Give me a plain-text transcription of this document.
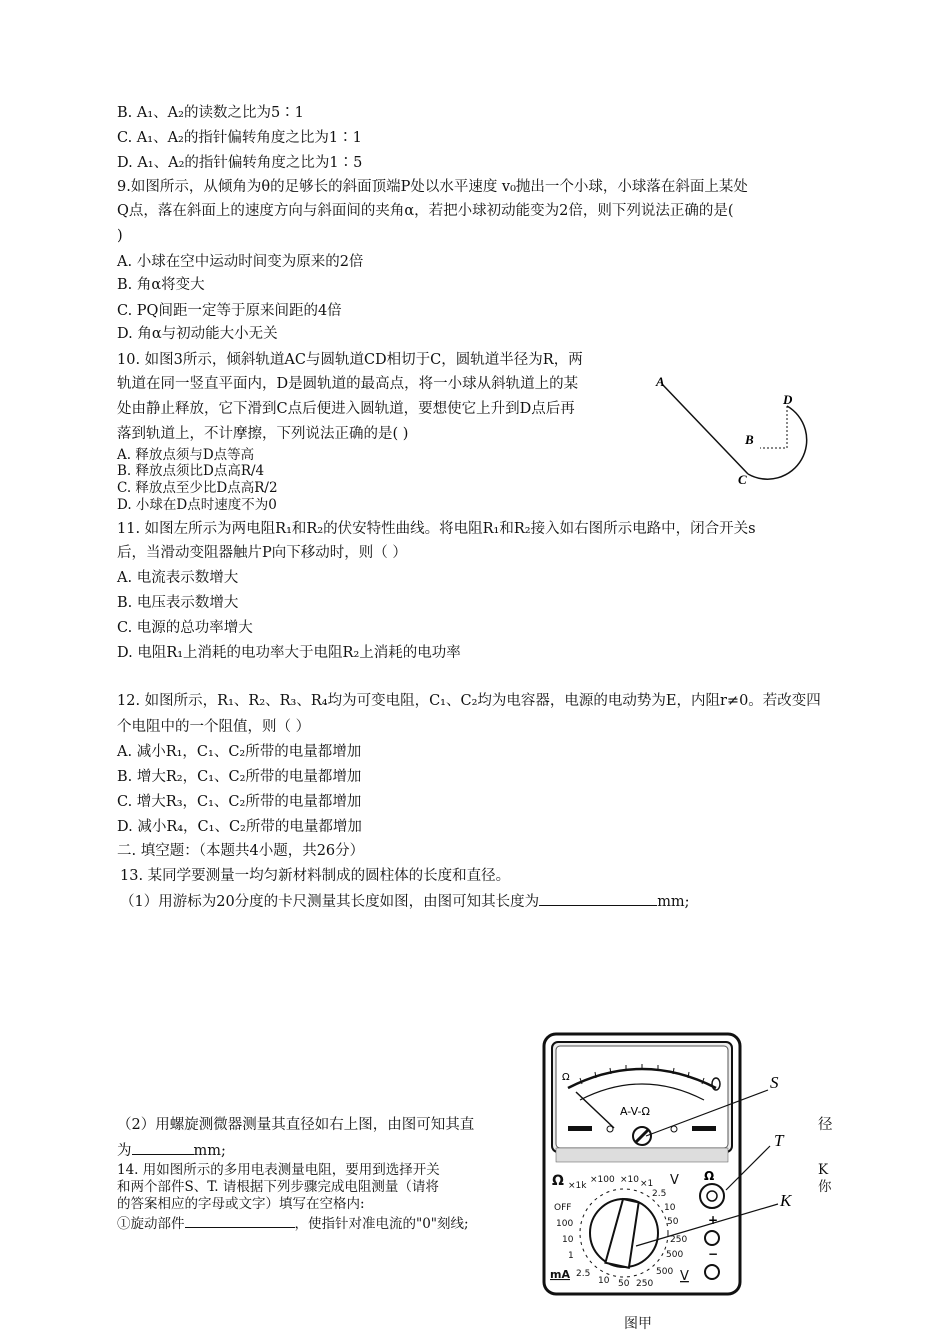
B. A₁、A₂的读数之比为5∶1
C. A₁、A₂的指针偏转角度之比为1∶1
D. A₁、A₂的指针偏转角度之比为1∶5
9.如图所示，从倾角为θ的足够长的斜面顶端P处以水平速度 v₀抛出一个小球，小球落在斜面上某处
Q点，落在斜面上的速度方向与斜面间的夹角α，若把小球初动能变为2倍，则下列说法正确的是(
)
A. 小球在空中运动时间变为原来的2倍
B. 角α将变大
C. PQ间距一定等于原来间距的4倍
D. 角α与初动能大小无关
10. 如图3所示，倾斜轨道AC与圆轨道CD相切于C，圆轨道半径为R，两
轨道在同一竖直平面内，D是圆轨道的最高点，将一小球从斜轨道上的某
处由静止释放，它下滑到C点后便进入圆轨道，要想使它上升到D点后再
落到轨道上，不计摩擦，下列说法正确的是( )
A. 释放点须与D点等高
B. 释放点须比D点高R/4
C. 释放点至少比D点高R/2
D. 小球在D点时速度不为0
A
B
C
D
11. 如图左所示为两电阻R₁和R₂的伏安特性曲线。将电阻R₁和R₂接入如右图所示电路中，闭合开关s
后，当滑动变阻器触片P向下移动时，则（ ）
A. 电流表示数增大
B. 电压表示数增大
C. 电源的总功率增大
D. 电阻R₁上消耗的电功率大于电阻R₂上消耗的电功率
12. 如图所示，R₁、R₂、R₃、R₄均为可变电阻，C₁、C₂均为电容器，电源的电动势为E，内阻r≠0。若改变四
个电阻中的一个阻值，则（ ）
A. 减小R₁，C₁、C₂所带的电量都增加
B. 增大R₂，C₁、C₂所带的电量都增加
C. 增大R₃，C₁、C₂所带的电量都增加
D. 减小R₄，C₁、C₂所带的电量都增加
二. 填空题：（本题共4小题，共26分）
13. 某同学要测量一均匀新材料制成的圆柱体的长度和直径。
（1）用游标为20分度的卡尺测量其长度如图，由图可知其长度为	mm;
（2）用螺旋测微器测量其直径如右上图，由图可知其直	径
为	mm;
14. 用如图所示的多用电表测量电阻，要用到选择开关	K
和两个部件S、T. 请根据下列步骤完成电阻测量（请将	你
的答案相应的字母或文字）填写在空格内:
①旋动部件	，使指针对准电流的"0"刻线;
A-V-Ω
Ω
Ω ×1k
×100 ×10 ×1 V
2.5
10
50
OFF
100
10
1
250
500
500 V
mA 2.5
10 50 250
Ω
+
−
S
T
K
图甲
